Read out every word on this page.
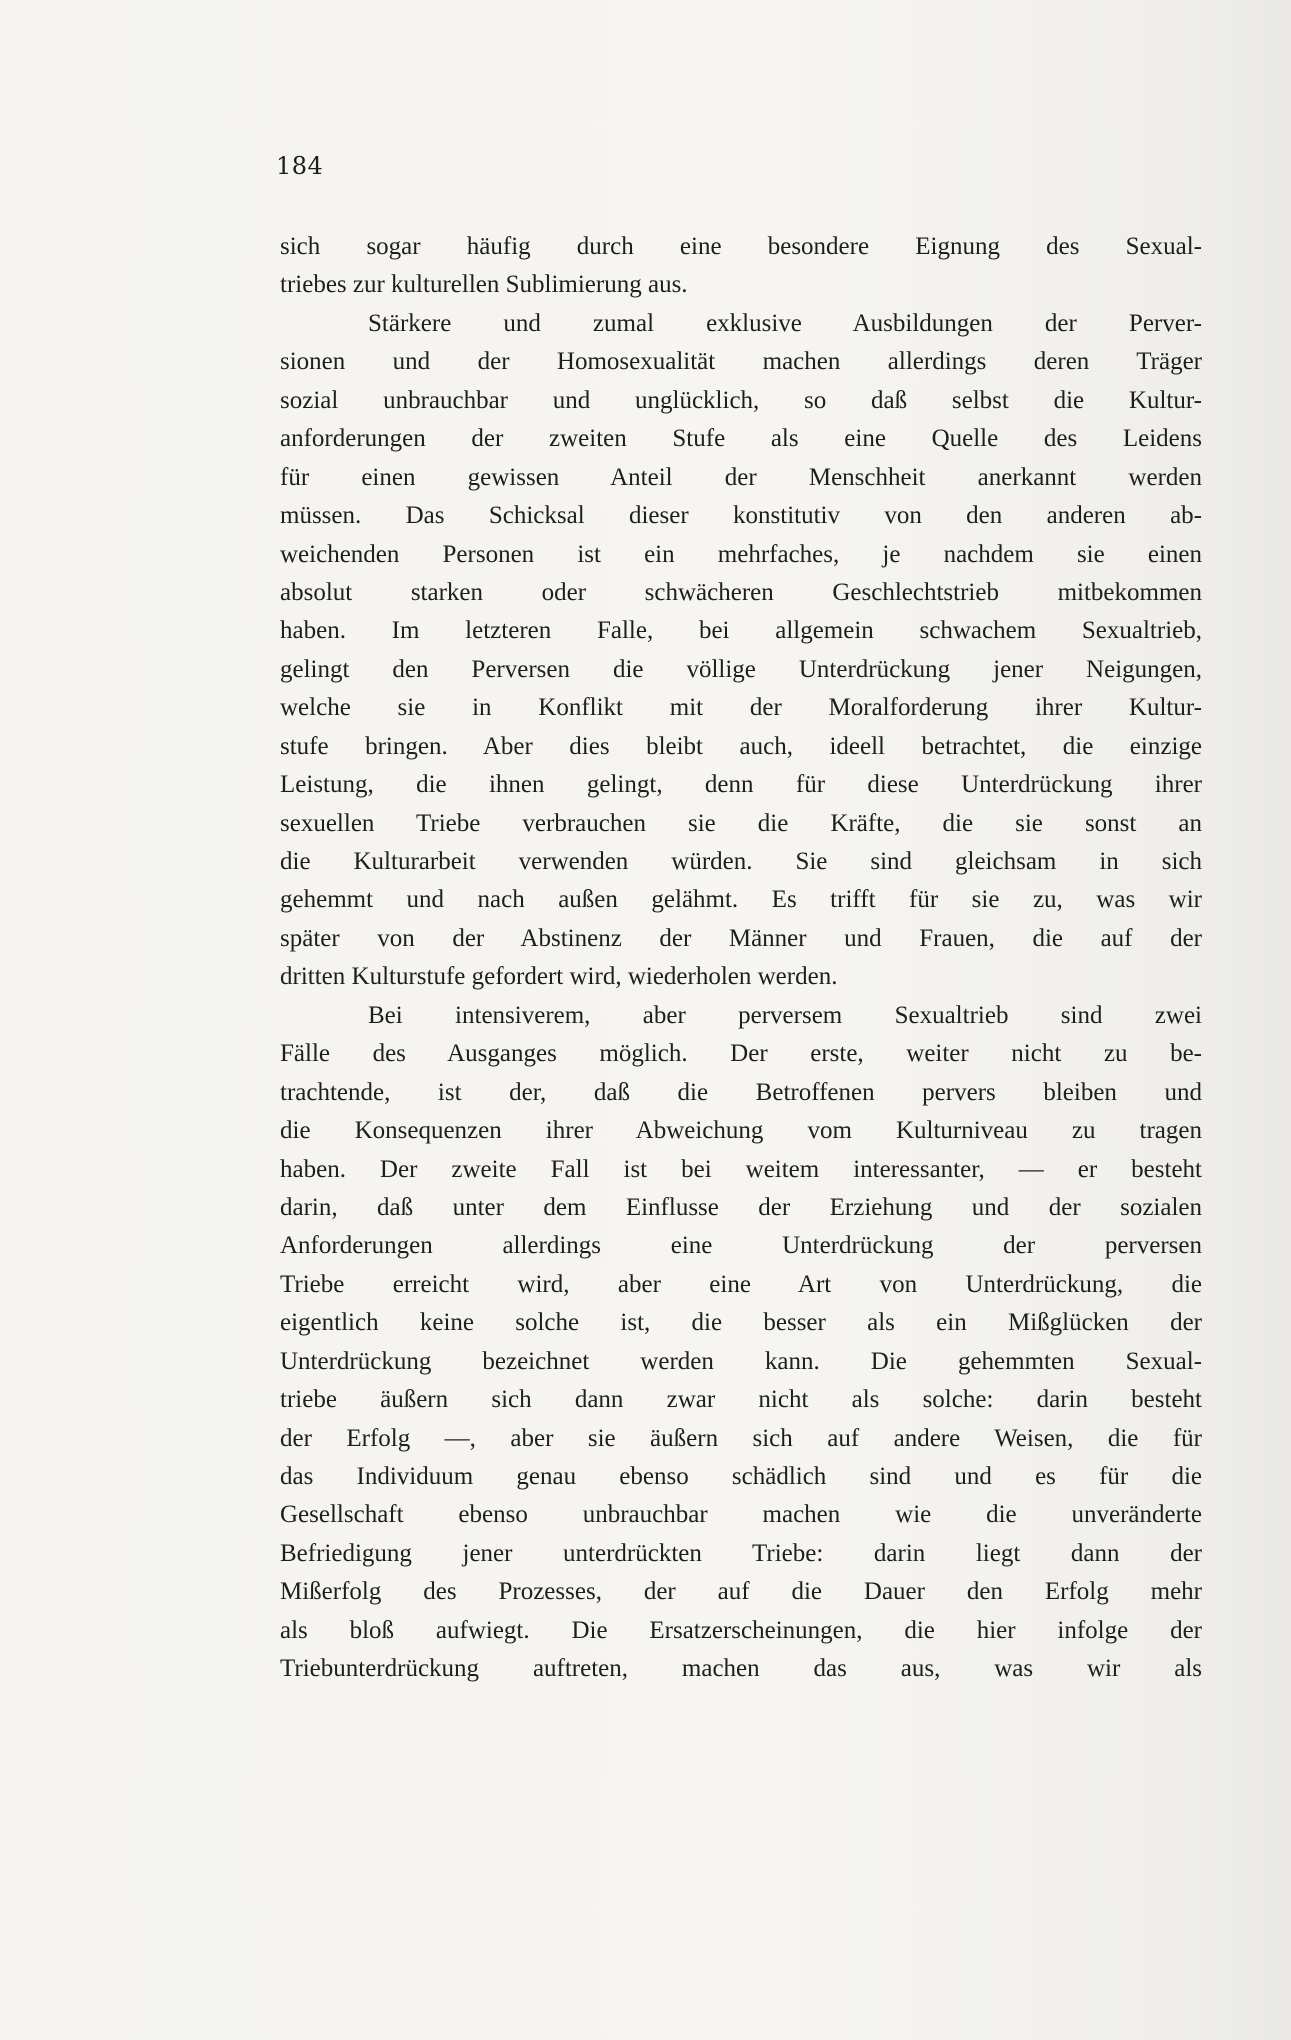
184
sich sogar häufig durch eine besondere Eignung des Sexual-
triebes zur kulturellen Sublimierung aus.
Stärkere und zumal exklusive Ausbildungen der Perver-
sionen und der Homosexualität machen allerdings deren Träger
sozial unbrauchbar und unglücklich, so daß selbst die Kultur-
anforderungen der zweiten Stufe als eine Quelle des Leidens
für einen gewissen Anteil der Menschheit anerkannt werden
müssen. Das Schicksal dieser konstitutiv von den anderen ab-
weichenden Personen ist ein mehrfaches, je nachdem sie einen
absolut starken oder schwächeren Geschlechtstrieb mitbekommen
haben. Im letzteren Falle, bei allgemein schwachem Sexualtrieb,
gelingt den Perversen die völlige Unterdrückung jener Neigungen,
welche sie in Konflikt mit der Moralforderung ihrer Kultur-
stufe bringen. Aber dies bleibt auch, ideell betrachtet, die einzige
Leistung, die ihnen gelingt, denn für diese Unterdrückung ihrer
sexuellen Triebe verbrauchen sie die Kräfte, die sie sonst an
die Kulturarbeit verwenden würden. Sie sind gleichsam in sich
gehemmt und nach außen gelähmt. Es trifft für sie zu, was wir
später von der Abstinenz der Männer und Frauen, die auf der
dritten Kulturstufe gefordert wird, wiederholen werden.
Bei intensiverem, aber perversem Sexualtrieb sind zwei
Fälle des Ausganges möglich. Der erste, weiter nicht zu be-
trachtende, ist der, daß die Betroffenen pervers bleiben und
die Konsequenzen ihrer Abweichung vom Kulturniveau zu tragen
haben. Der zweite Fall ist bei weitem interessanter, — er besteht
darin, daß unter dem Einflusse der Erziehung und der sozialen
Anforderungen allerdings eine Unterdrückung der perversen
Triebe erreicht wird, aber eine Art von Unterdrückung, die
eigentlich keine solche ist, die besser als ein Mißglücken der
Unterdrückung bezeichnet werden kann. Die gehemmten Sexual-
triebe äußern sich dann zwar nicht als solche: darin besteht
der Erfolg —, aber sie äußern sich auf andere Weisen, die für
das Individuum genau ebenso schädlich sind und es für die
Gesellschaft ebenso unbrauchbar machen wie die unveränderte
Befriedigung jener unterdrückten Triebe: darin liegt dann der
Mißerfolg des Prozesses, der auf die Dauer den Erfolg mehr
als bloß aufwiegt. Die Ersatzerscheinungen, die hier infolge der
Triebunterdrückung auftreten, machen das aus, was wir als
